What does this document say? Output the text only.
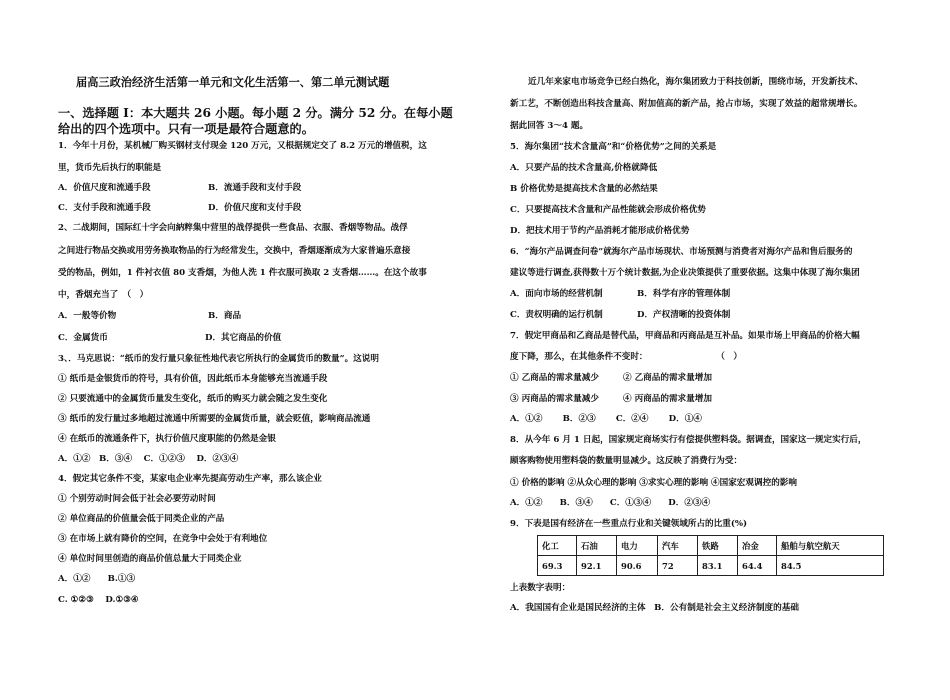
届高三政治经济生活第一单元和文化生活第一、第二单元测试题
一、选择题 I：本大题共 26 小题。每小题 2 分。满分 52 分。在每小题
给出的四个选项中。只有一项是最符合题意的。
1．今年十月份，某机械厂购买钢材支付现金 120 万元，又根据规定交了 8.2 万元的增值税，这
里，货币先后执行的职能是
A．价值尺度和流通手段	B．流通手段和支付手段
C．支付手段和流通手段	D．价值尺度和支付手段
2、二战期间，国际红十字会向納粹集中营里的战俘提供一些食品、衣服、香烟等物品。战俘
之间进行物品交换或用劳务换取物品的行为经常发生，交换中，香烟逐渐成为大家普遍乐意接
受的物品，例如，1 件衬衣值 80 支香烟，为他人洗 1 件衣服可换取 2 支香烟……。在这个故事
中，香烟充当了　（　）
A．一般等价物	B．商品
C．金属货币	D．其它商品的价值
3、．马克思说：“纸币的发行量只象征性地代表它所执行的金属货币的数量”。这说明
① 纸币是金银货币的符号，具有价值，因此纸币本身能够充当流通手段
② 只要流通中的金属货币量发生变化，纸币的购买力就会随之发生变化
③ 纸币的发行量过多地超过流通中所需要的金属货币量，就会贬值，影响商品流通
④ 在纸币的流通条件下，执行价值尺度职能的仍然是金银
A．①②　B．③④　 C．①②③　 D．②③④
4．假定其它条件不变，某家电企业率先提高劳动生产率，那么该企业
① 个别劳动时间会低于社会必要劳动时间
② 单位商品的价值量会低于同类企业的产品
③ 在市场上就有降价的空间，在竞争中会处于有利地位
④ 单位时间里创造的商品价值总量大于同类企业
A．①②　　B.①③
C. ①②③　 D.①③④
近几年来家电市场竞争已经白热化，海尔集团致力于科技创新，围绕市场，开发新技术、
新工艺，不断创造出科技含量高、附加值高的新产品，抢占市场，实现了效益的超常规增长。
据此回答 3～4 题。
5．海尔集团“技术含量高”和“价格优势”之间的关系是
A．只要产品的技术含量高,价格就降低
B 价格优势是提高技术含量的必然结果
C．只要提高技术含量和产品性能就会形成价格优势
D．把技术用于节约产品消耗才能形成价格优势
6．“海尔产品调查问卷”就海尔产品市场现状、市场预测与消费者对海尔产品和售后服务的
建议等进行调查,获得数十万个统计数据,为企业决策提供了重要依据。这集中体现了海尔集团
A．面向市场的经营机制	B．科学有序的管理体制
C．责权明确的运行机制	D．产权清晰的投资体制
7．假定甲商品和乙商品是替代品，甲商品和丙商品是互补品。如果市场上甲商品的价格大幅
度下降，那么，在其他条件不变时：　　　　　　　　　（　）
① 乙商品的需求量减少	② 乙商品的需求量增加
③ 丙商品的需求量减少	④ 丙商品的需求量增加
A．①②　　 B．②③　　 C．②④　　 D．①④
8．从今年 6 月 1 日起，国家规定商场实行有偿提供塑料袋。据调查，国家这一规定实行后，
顾客购物使用塑料袋的数量明显减少。这反映了消费行为受：
① 价格的影响 ②从众心理的影响 ③求实心理的影响 ④国家宏观调控的影响
A．①②　　B．③④　　C．①③④　　D．②③④
9．下表是国有经济在一些重点行业和关键领域所占的比重(%)
化工	石油	电力	汽车	铁路	冶金	船舶与航空航天
69.3	92.1	90.6	72	83.1	64.4	84.5
上表数字表明：
A．我国国有企业是国民经济的主体　B．公有制是社会主义经济制度的基础
